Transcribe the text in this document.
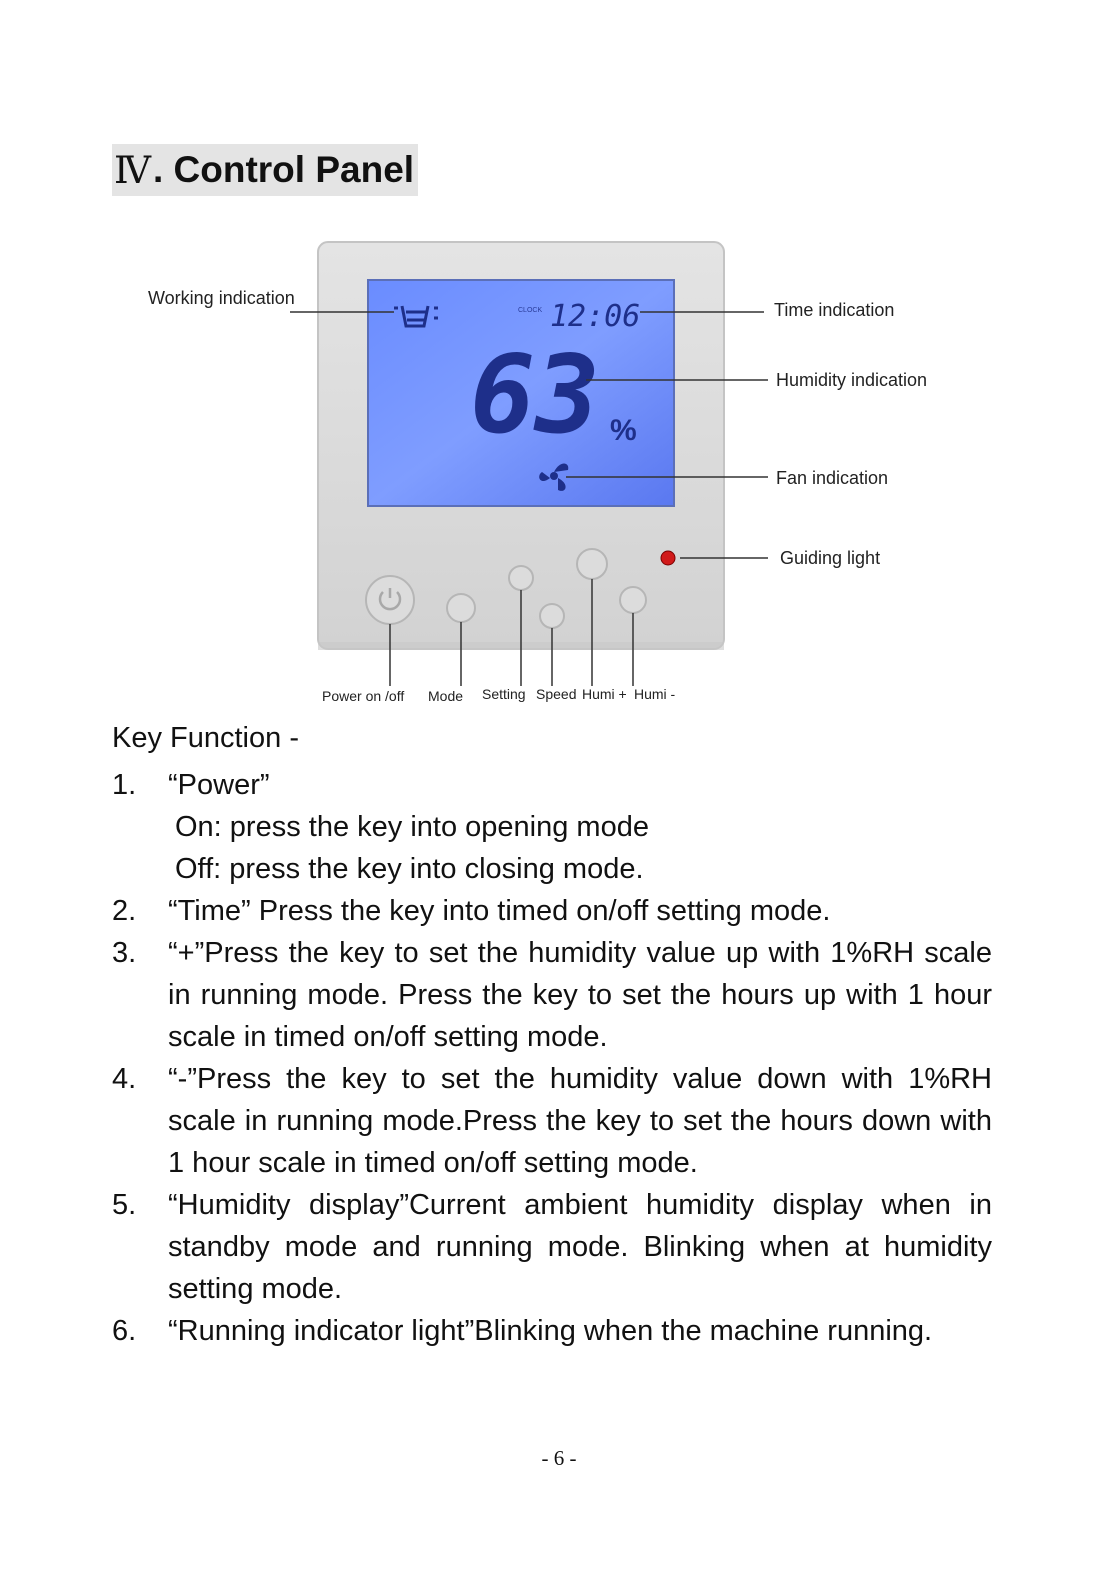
Ⅳ . Control Panel
CLOCK 12:06
63 %
Working indication
Time indication
Humidity indication
Fan indication
Guiding light
Power on /off Mode Setting Speed Humi + Humi -
Key Function -
1. “Power”
On: press the key into opening mode
Off: press the key into closing mode.
2. “Time” Press the key into timed on/off setting mode.
3. “+”Press the key to set the humidity value up with 1%RH scale in running mode. Press the key to set the hours up with 1 hour scale in timed on/off setting mode.
4. “-”Press the key to set the humidity value down with 1%RH scale in running mode.Press the key to set the hours down with 1 hour scale in timed on/off setting mode.
5. “Humidity display”Current ambient humidity display when in standby mode and running mode. Blinking when at humidity setting mode.
6. “Running indicator light”Blinking when the machine running.
- 6 -
